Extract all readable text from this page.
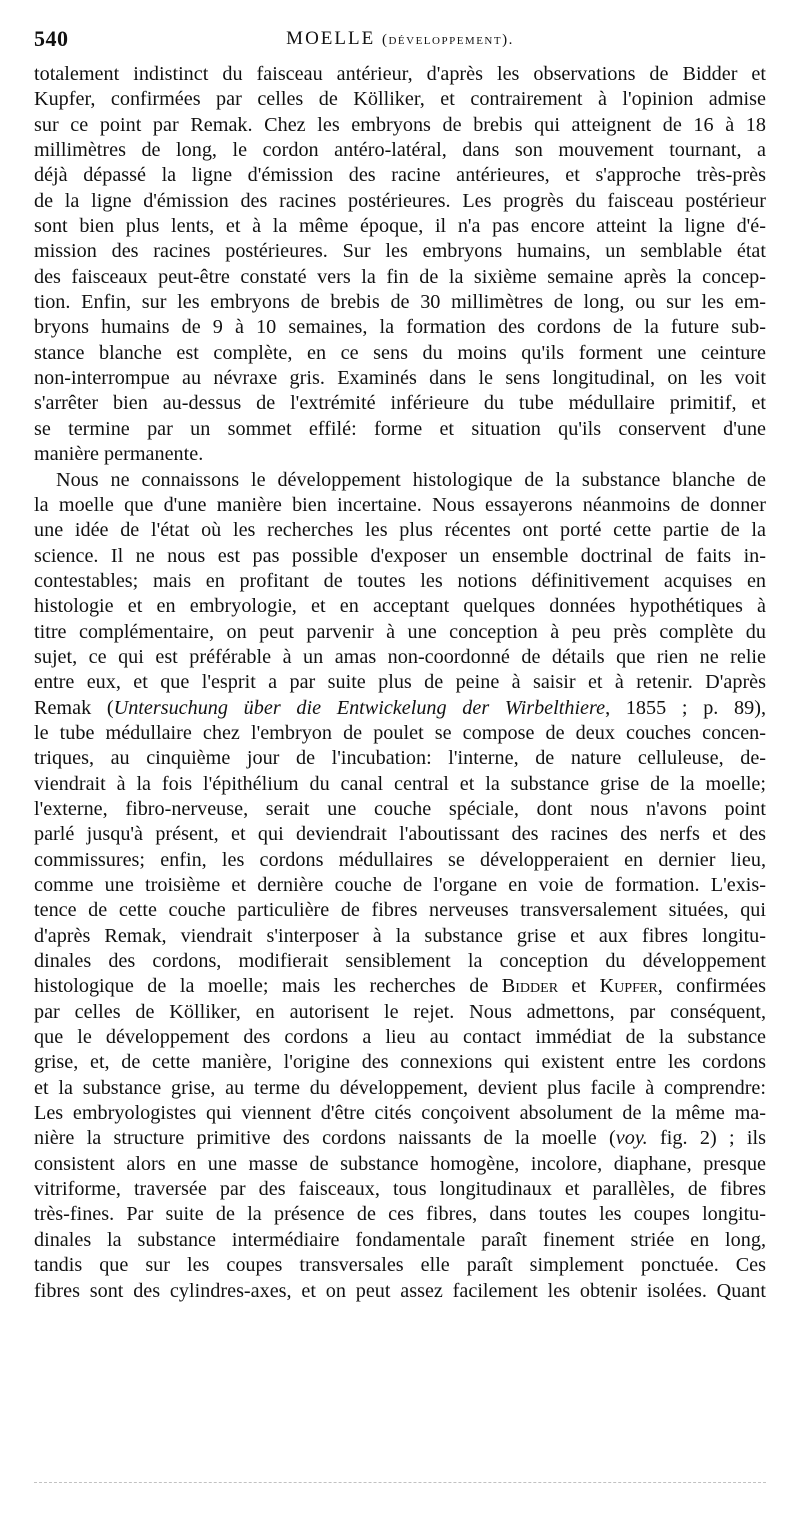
540	MOELLE (développement).
totalement indistinct du faisceau antérieur, d'après les observations de Bidder et
Kupfer, confirmées par celles de Kölliker, et contrairement à l'opinion admise
sur ce point par Remak. Chez les embryons de brebis qui atteignent de 16 à 18
millimètres de long, le cordon antéro-latéral, dans son mouvement tournant, a
déjà dépassé la ligne d'émission des racine antérieures, et s'approche très-près
de la ligne d'émission des racines postérieures. Les progrès du faisceau postérieur
sont bien plus lents, et à la même époque, il n'a pas encore atteint la ligne d'é-
mission des racines postérieures. Sur les embryons humains, un semblable état
des faisceaux peut-être constaté vers la fin de la sixième semaine après la concep-
tion. Enfin, sur les embryons de brebis de 30 millimètres de long, ou sur les em-
bryons humains de 9 à 10 semaines, la formation des cordons de la future sub-
stance blanche est complète, en ce sens du moins qu'ils forment une ceinture
non-interrompue au névraxe gris. Examinés dans le sens longitudinal, on les voit
s'arrêter bien au-dessus de l'extrémité inférieure du tube médullaire primitif, et
se termine par un sommet effilé: forme et situation qu'ils conservent d'une
manière permanente.
Nous ne connaissons le développement histologique de la substance blanche de
la moelle que d'une manière bien incertaine. Nous essayerons néanmoins de donner
une idée de l'état où les recherches les plus récentes ont porté cette partie de la
science. Il ne nous est pas possible d'exposer un ensemble doctrinal de faits in-
contestables; mais en profitant de toutes les notions définitivement acquises en
histologie et en embryologie, et en acceptant quelques données hypothétiques à
titre complémentaire, on peut parvenir à une conception à peu près complète du
sujet, ce qui est préférable à un amas non-coordonné de détails que rien ne relie
entre eux, et que l'esprit a par suite plus de peine à saisir et à retenir. D'après
Remak (Untersuchung über die Entwickelung der Wirbelthiere, 1855 ; p. 89),
le tube médullaire chez l'embryon de poulet se compose de deux couches concen-
triques, au cinquième jour de l'incubation: l'interne, de nature celluleuse, de-
viendrait à la fois l'épithélium du canal central et la substance grise de la moelle;
l'externe, fibro-nerveuse, serait une couche spéciale, dont nous n'avons point
parlé jusqu'à présent, et qui deviendrait l'aboutissant des racines des nerfs et des
commissures; enfin, les cordons médullaires se développeraient en dernier lieu,
comme une troisième et dernière couche de l'organe en voie de formation. L'exis-
tence de cette couche particulière de fibres nerveuses transversalement situées, qui
d'après Remak, viendrait s'interposer à la substance grise et aux fibres longitu-
dinales des cordons, modifierait sensiblement la conception du développement
histologique de la moelle; mais les recherches de Bidder et Kupfer, confirmées
par celles de Kölliker, en autorisent le rejet. Nous admettons, par conséquent,
que le développement des cordons a lieu au contact immédiat de la substance
grise, et, de cette manière, l'origine des connexions qui existent entre les cordons
et la substance grise, au terme du développement, devient plus facile à comprendre:
Les embryologistes qui viennent d'être cités conçoivent absolument de la même ma-
nière la structure primitive des cordons naissants de la moelle (voy. fig. 2) ; ils
consistent alors en une masse de substance homogène, incolore, diaphane, presque
vitriforme, traversée par des faisceaux, tous longitudinaux et parallèles, de fibres
très-fines. Par suite de la présence de ces fibres, dans toutes les coupes longitu-
dinales la substance intermédiaire fondamentale paraît finement striée en long,
tandis que sur les coupes transversales elle paraît simplement ponctuée. Ces
fibres sont des cylindres-axes, et on peut assez facilement les obtenir isolées. Quant
